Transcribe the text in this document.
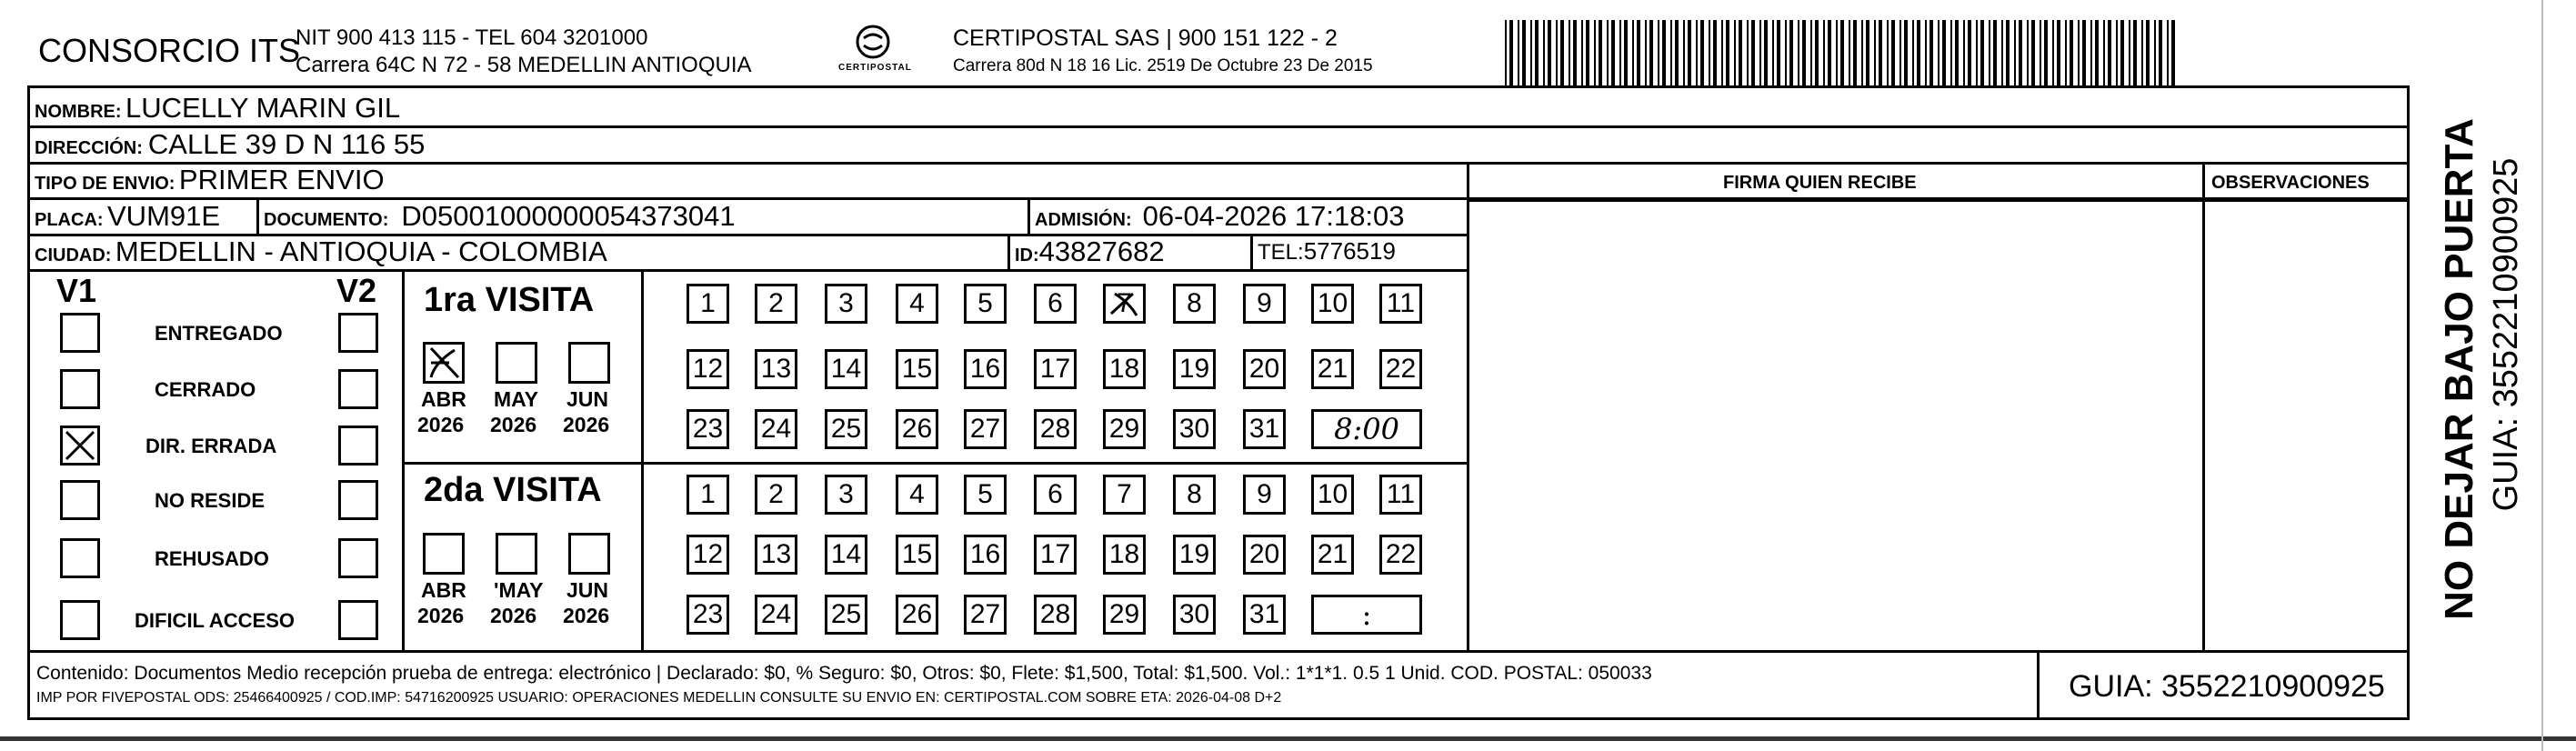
CONSORCIO ITS
NIT 900 413 115 - TEL 604 3201000
Carrera 64C N 72 - 58 MEDELLIN ANTIOQUIA	CERTIPOSTAL
CERTIPOSTAL SAS | 900 151 122 - 2
Carrera 80d N 18 16 Lic. 2519 De Octubre 23 De 2015
NOMBRE: LUCELLY MARIN GIL
DIRECCIÓN: CALLE 39 D N 116 55
TIPO DE ENVIO: PRIMER ENVIO
PLACA: VUM91E DOCUMENTO: D05001000000054373041	ADMISIÓN: 06-04-2026 17:18:03
CIUDAD: MEDELLIN - ANTIOQUIA - COLOMBIA	ID:43827682	TEL:5776519
FIRMA QUIEN RECIBE	OBSERVACIONES
V1	V2
ENTREGADO
CERRADO
DIR. ERRADA
NO RESIDE
REHUSADO
DIFICIL ACCESO
1ra VISITA
2da VISITA
ABR
2026
MAY
2026
JUN
2026
ABR
2026
'MAY
2026
JUN
2026
1	2	3	4	5	6	7	8	9	10 11
12 13 14 15 16 17 18 19 20 21 22
23 24 25 26 27 28 29 30 31	8:00
1	2	3	4	5	6	7	8	9	10 11
12 13 14 15 16 17 18 19 20 21 22
23 24 25 26 27 28 29 30 31	:
Contenido: Documentos Medio recepción prueba de entrega: electrónico | Declarado: $0, % Seguro: $0, Otros: $0, Flete: $1,500, Total: $1,500. Vol.: 1*1*1. 0.5 1 Unid. COD. POSTAL: 050033
IMP POR FIVEPOSTAL ODS: 25466400925 / COD.IMP: 54716200925 USUARIO: OPERACIONES MEDELLIN CONSULTE SU ENVIO EN: CERTIPOSTAL.COM SOBRE ETA: 2026-04-08 D+2	GUIA: 3552210900925
NO DEJAR BAJO PUERTA GUIA: 3552210900925
